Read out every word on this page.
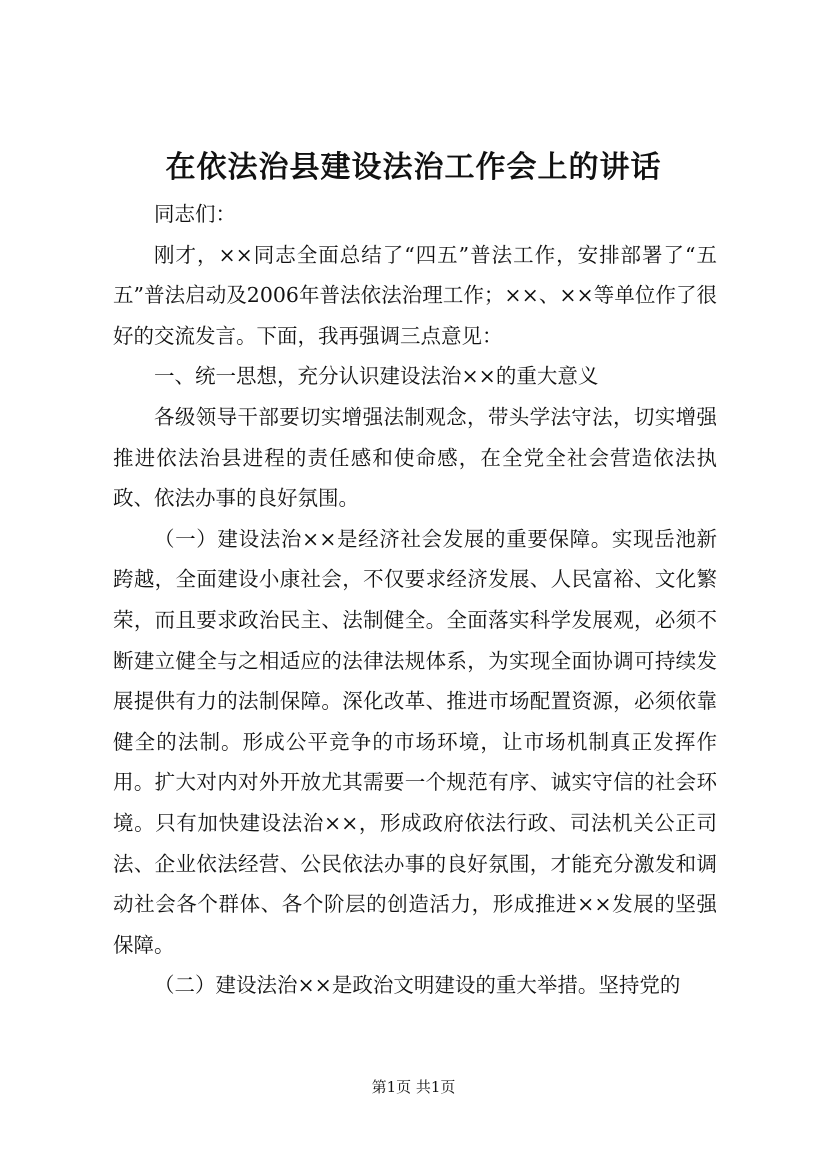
在依法治县建设法治工作会上的讲话

同志们：

刚才，××同志全面总结了“四五”普法工作，安排部署了“五五”普法启动及2006年普法依法治理工作；××、××等单位作了很好的交流发言。下面，我再强调三点意见：

一、统一思想，充分认识建设法治××的重大意义

各级领导干部要切实增强法制观念，带头学法守法，切实增强推进依法治县进程的责任感和使命感，在全党全社会营造依法执政、依法办事的良好氛围。

（一）建设法治××是经济社会发展的重要保障。实现岳池新跨越，全面建设小康社会，不仅要求经济发展、人民富裕、文化繁荣，而且要求政治民主、法制健全。全面落实科学发展观，必须不断建立健全与之相适应的法律法规体系，为实现全面协调可持续发展提供有力的法制保障。深化改革、推进市场配置资源，必须依靠健全的法制。形成公平竞争的市场环境，让市场机制真正发挥作用。扩大对内对外开放尤其需要一个规范有序、诚实守信的社会环境。只有加快建设法治××，形成政府依法行政、司法机关公正司法、企业依法经营、公民依法办事的良好氛围，才能充分激发和调动社会各个群体、各个阶层的创造活力，形成推进××发展的坚强保障。

（二）建设法治××是政治文明建设的重大举措。坚持党的

第1页 共1页
